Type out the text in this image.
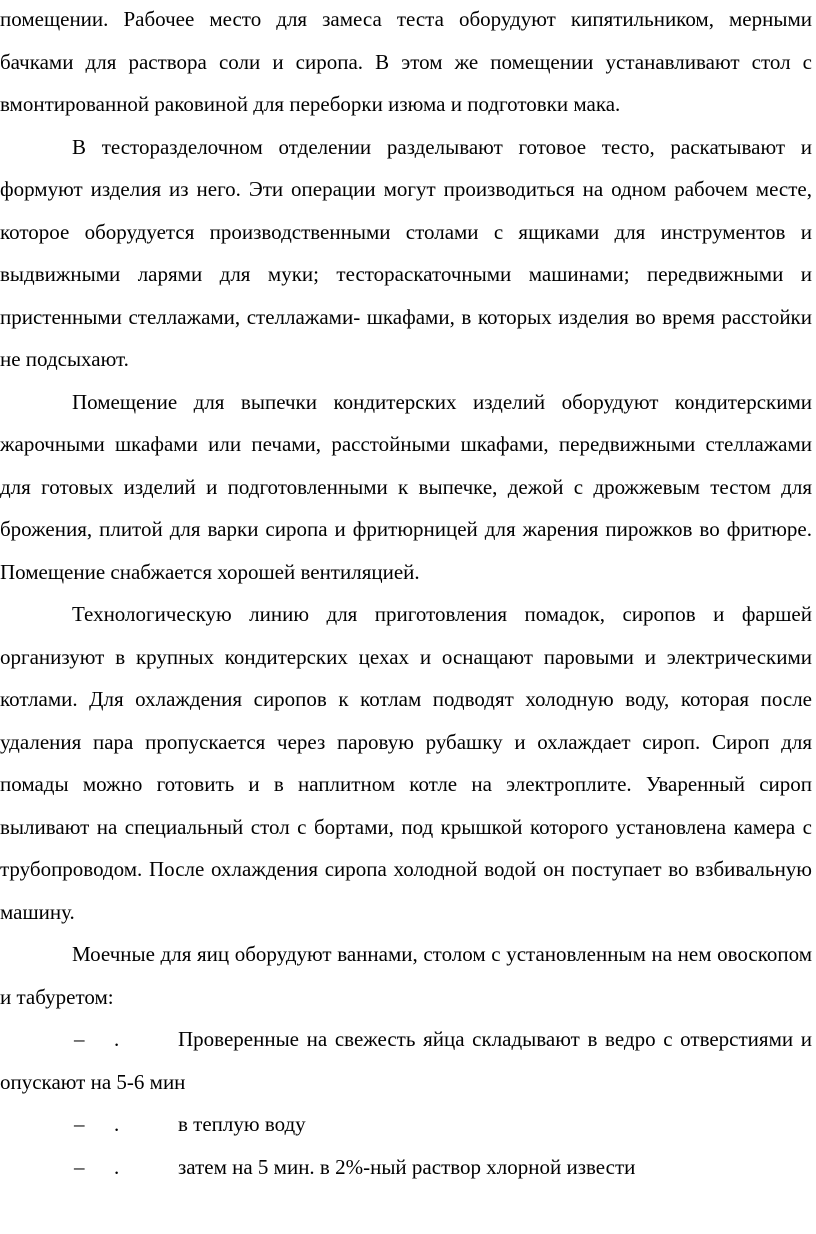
помещении. Рабочее место для замеса теста оборудуют кипятильником, мерными бачками для раствора соли и сиропа. В этом же помещении устанавливают стол с вмонтированной раковиной для переборки изюма и подготовки мака.

В тесторазделочном отделении разделывают готовое тесто, раскатывают и формуют изделия из него. Эти операции могут производиться на одном рабочем месте, которое оборудуется производственными столами с ящиками для инструментов и выдвижными ларями для муки; тестораскаточными машинами; передвижными и пристенными стеллажами, стеллажами- шкафами, в которых изделия во время расстойки не подсыхают.

Помещение для выпечки кондитерских изделий оборудуют кондитерскими жарочными шкафами или печами, расстойными шкафами, передвижными стеллажами для готовых изделий и подготовленными к выпечке, дежой с дрожжевым тестом для брожения, плитой для варки сиропа и фритюрницей для жарения пирожков во фритюре. Помещение снабжается хорошей вентиляцией.

Технологическую линию для приготовления помадок, сиропов и фаршей организуют в крупных кондитерских цехах и оснащают паровыми и электрическими котлами. Для охлаждения сиропов к котлам подводят холодную воду, которая после удаления пара пропускается через паровую рубашку и охлаждает сироп. Сироп для помады можно готовить и в наплитном котле на электроплите. Уваренный сироп выливают на специальный стол с бортами, под крышкой которого установлена камера с трубопроводом. После охлаждения сиропа холодной водой он поступает во взбивальную машину.

Моечные для яиц оборудуют ваннами, столом с установленным на нем овоскопом и табуретом:

– .	Проверенные на свежесть яйца складывают в ведро с отверстиями и опускают на 5-6 мин
– .	в теплую воду
– .	затем на 5 мин. в 2%-ный раствор хлорной извести
